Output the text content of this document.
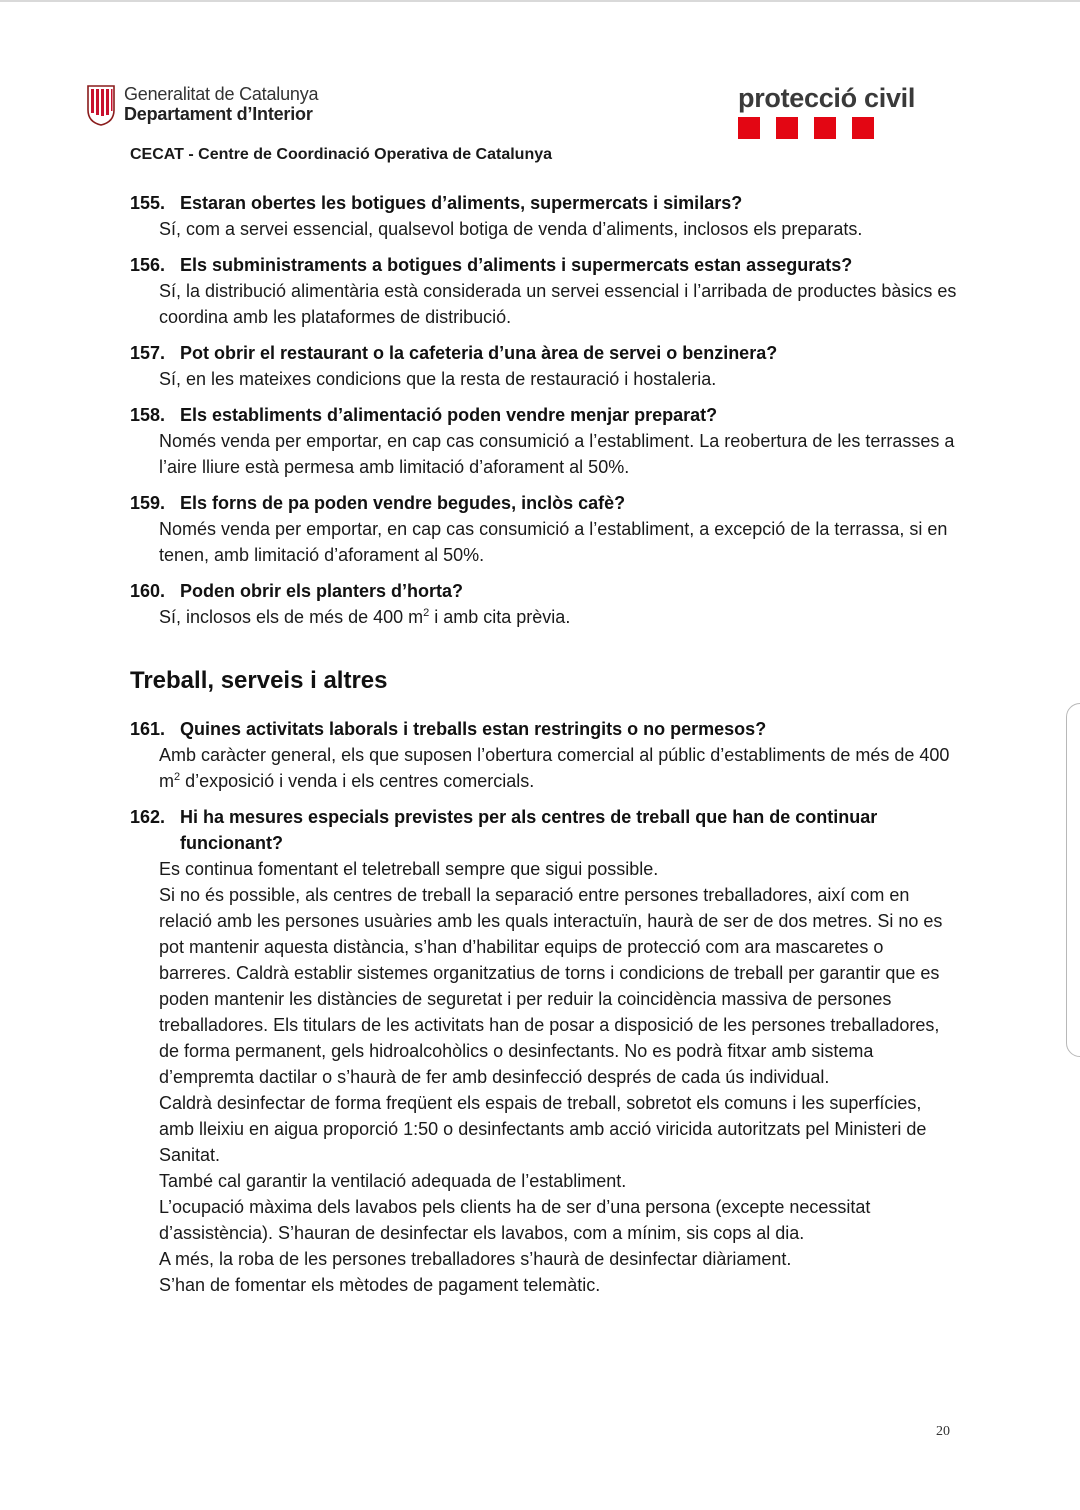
Generalitat de Catalunya
Departament d’Interior
protecció civil
CECAT - Centre de Coordinació Operativa de Catalunya
155. Estaran obertes les botigues d’aliments, supermercats i similars?
Sí, com a servei essencial, qualsevol botiga de venda d’aliments, inclosos els preparats.
156. Els subministraments a botigues d’aliments i supermercats estan assegurats?
Sí, la distribució alimentària està considerada un servei essencial i l’arribada de productes bàsics es coordina amb les plataformes de distribució.
157. Pot obrir el restaurant o la cafeteria d’una àrea de servei o benzinera?
Sí, en les mateixes condicions que la resta de restauració i hostaleria.
158. Els establiments d’alimentació poden vendre menjar preparat?
Només venda per emportar, en cap cas consumició a l’establiment. La reobertura de les terrasses a l’aire lliure està permesa amb limitació d’aforament al 50%.
159. Els forns de pa poden vendre begudes, inclòs cafè?
Només venda per emportar, en cap cas consumició a l’establiment, a excepció de la terrassa, si en tenen, amb limitació d’aforament al 50%.
160. Poden obrir els planters d’horta?
Sí, inclosos els de més de 400 $m^2$ i amb cita prèvia.
Treball, serveis i altres
161. Quines activitats laborals i treballs estan restringits o no permesos?
Amb caràcter general, els que suposen l’obertura comercial al públic d’establiments de més de 400 $m^2$ d’exposició i venda i els centres comercials.
162. Hi ha mesures especials previstes per als centres de treball que han de continuar funcionant?
Es continua fomentant el teletreball sempre que sigui possible.
Si no és possible, als centres de treball la separació entre persones treballadores, així com en relació amb les persones usuàries amb les quals interactuïn, haurà de ser de dos metres. Si no es pot mantenir aquesta distància, s’han d’habilitar equips de protecció com ara mascaretes o barreres. Caldrà establir sistemes organitzatius de torns i condicions de treball per garantir que es poden mantenir les distàncies de seguretat i per reduir la coincidència massiva de persones treballadores. Els titulars de les activitats han de posar a disposició de les persones treballadores, de forma permanent, gels hidroalcohòlics o desinfectants. No es podrà fitxar amb sistema d’empremta dactilar o s’haurà de fer amb desinfecció després de cada ús individual.
Caldrà desinfectar de forma freqüent els espais de treball, sobretot els comuns i les superfícies, amb lleixiu en aigua proporció 1:50 o desinfectants amb acció viricida autoritzats pel Ministeri de Sanitat.
També cal garantir la ventilació adequada de l’establiment.
L’ocupació màxima dels lavabos pels clients ha de ser d’una persona (excepte necessitat d’assistència). S’hauran de desinfectar els lavabos, com a mínim, sis cops al dia.
A més, la roba de les persones treballadores s’haurà de desinfectar diàriament.
S’han de fomentar els mètodes de pagament telemàtic.
20
